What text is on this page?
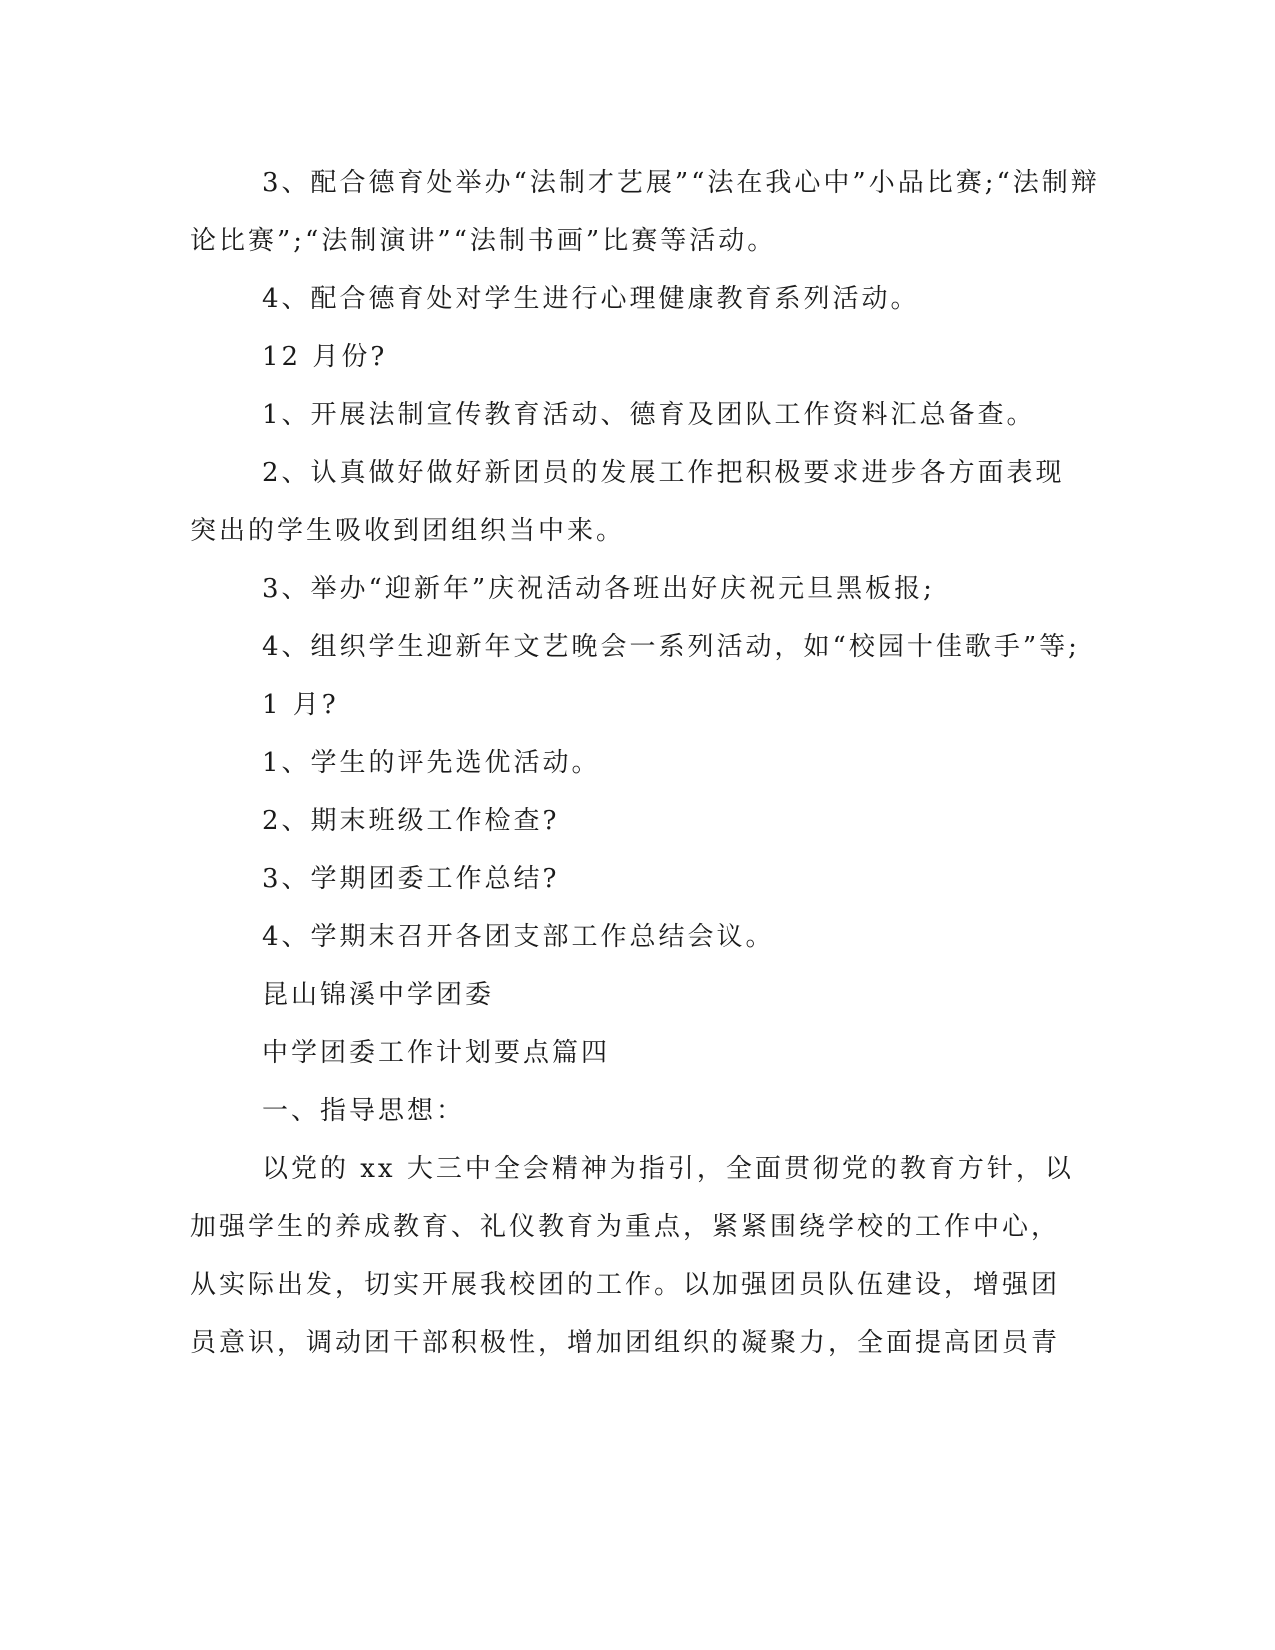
3、配合德育处举办“法制才艺展”“法在我心中”小品比赛;“法制辩
论比赛”;“法制演讲”“法制书画”比赛等活动。
4、配合德育处对学生进行心理健康教育系列活动。
12 月份?
1、开展法制宣传教育活动、德育及团队工作资料汇总备查。
2、认真做好做好新团员的发展工作把积极要求进步各方面表现
突出的学生吸收到团组织当中来。
3、举办“迎新年”庆祝活动各班出好庆祝元旦黑板报;
4、组织学生迎新年文艺晚会一系列活动，如“校园十佳歌手”等;
1 月?
1、学生的评先选优活动。
2、期末班级工作检查?
3、学期团委工作总结?
4、学期末召开各团支部工作总结会议。
昆山锦溪中学团委
中学团委工作计划要点篇四
一、指导思想：
以党的 xx 大三中全会精神为指引，全面贯彻党的教育方针，以
加强学生的养成教育、礼仪教育为重点，紧紧围绕学校的工作中心，
从实际出发，切实开展我校团的工作。以加强团员队伍建设，增强团
员意识，调动团干部积极性，增加团组织的凝聚力，全面提高团员青
